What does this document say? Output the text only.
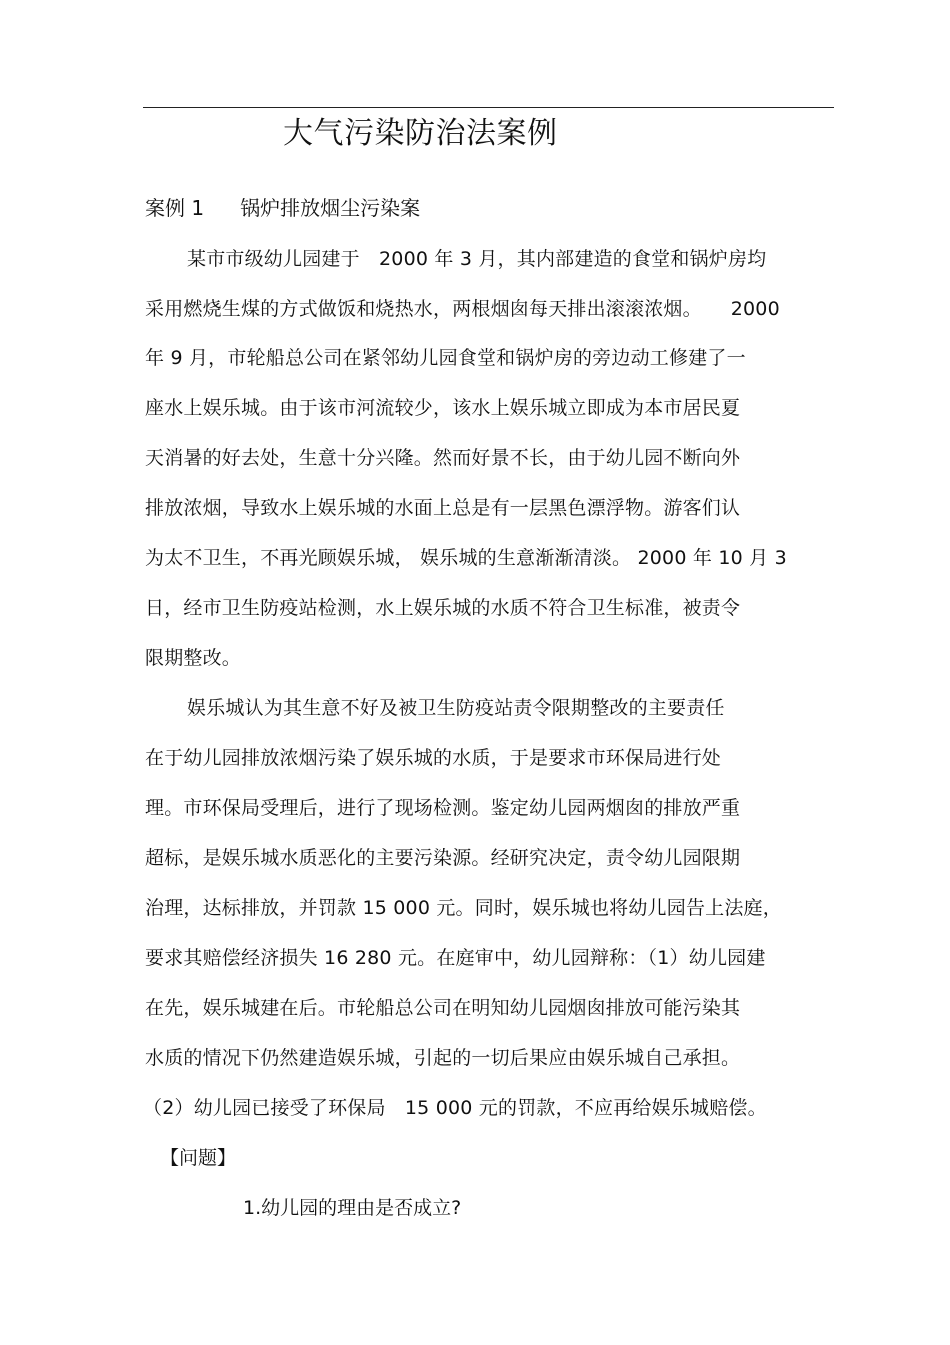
大气污染防治法案例
案例 1 锅炉排放烟尘污染案
某市市级幼儿园建于　2000 年 3 月，其内部建造的食堂和锅炉房均
采用燃烧生煤的方式做饭和烧热水，两根烟囱每天排出滚滚浓烟。　　2000
年 9 月，市轮船总公司在紧邻幼儿园食堂和锅炉房的旁边动工修建了一
座水上娱乐城。由于该市河流较少，该水上娱乐城立即成为本市居民夏
天消暑的好去处，生意十分兴隆。然而好景不长，由于幼儿园不断向外
排放浓烟，导致水上娱乐城的水面上总是有一层黑色漂浮物。游客们认
为太不卫生，不再光顾娱乐城， 娱乐城的生意渐渐清淡。 2000 年 10 月 3
日，经市卫生防疫站检测，水上娱乐城的水质不符合卫生标准，被责令
限期整改。
娱乐城认为其生意不好及被卫生防疫站责令限期整改的主要责任
在于幼儿园排放浓烟污染了娱乐城的水质，于是要求市环保局进行处
理。市环保局受理后，进行了现场检测。鉴定幼儿园两烟囱的排放严重
超标，是娱乐城水质恶化的主要污染源。经研究决定，责令幼儿园限期
治理，达标排放，并罚款 15 000 元。同时，娱乐城也将幼儿园告上法庭，
要求其赔偿经济损失 16 280 元。在庭审中，幼儿园辩称：（1）幼儿园建
在先，娱乐城建在后。市轮船总公司在明知幼儿园烟囱排放可能污染其
水质的情况下仍然建造娱乐城，引起的一切后果应由娱乐城自己承担。
（2）幼儿园已接受了环保局　15 000 元的罚款，不应再给娱乐城赔偿。
【问题】
1.幼儿园的理由是否成立?
